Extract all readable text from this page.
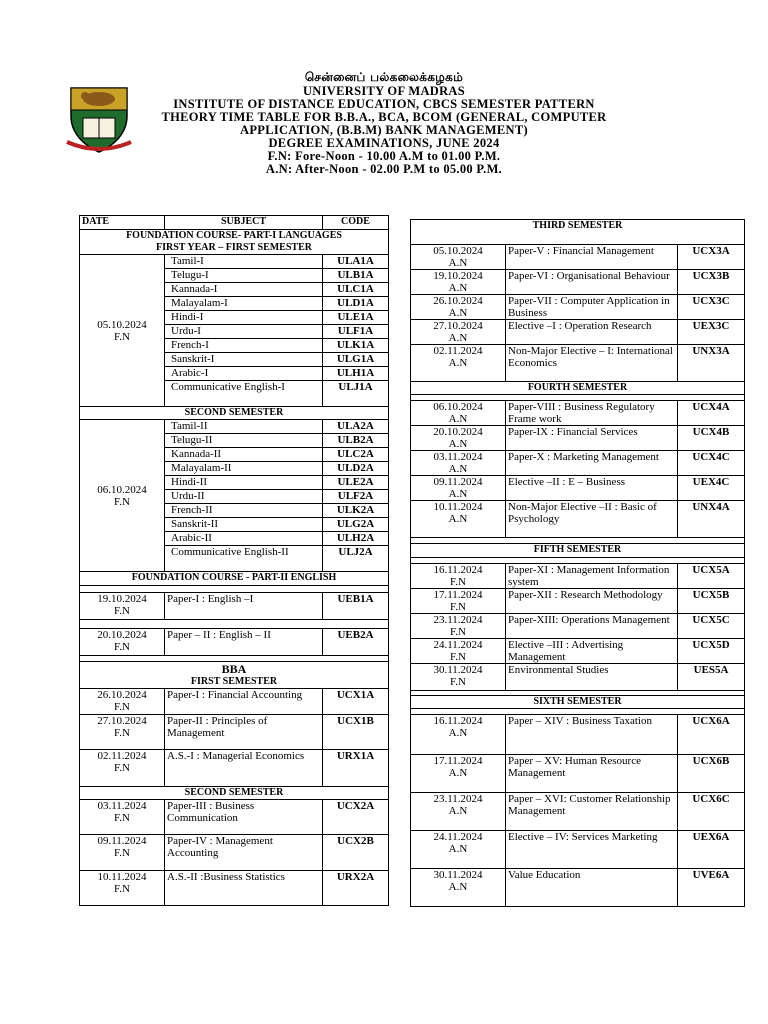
சென்னைப் பல்கலைக்கழகம்
UNIVERSITY OF MADRAS
INSTITUTE OF DISTANCE EDUCATION, CBCS SEMESTER PATTERN
THEORY TIME TABLE FOR B.B.A., BCA, BCOM (GENERAL, COMPUTER
APPLICATION, (B.B.M) BANK MANAGEMENT)
DEGREE EXAMINATIONS, JUNE 2024
F.N: Fore-Noon - 10.00 A.M to 01.00 P.M.
A.N: After-Noon - 02.00 P.M to 05.00 P.M.
DATE	SUBJECT	CODE

FOUNDATION COURSE- PART-I LANGUAGES
FIRST YEAR – FIRST SEMESTER		

05.10.2024
F.N	Tamil-I	ULA1A
	Telugu-I	ULB1A
	Kannada-I	ULC1A
	Malayalam-I	ULD1A
	Hindi-I	ULE1A
	Urdu-I	ULF1A
	French-I	ULK1A
	Sanskrit-I	ULG1A
	Arabic-I	ULH1A
	Communicative English-I	ULJ1A
SECOND SEMESTER		

06.10.2024
F.N	Tamil-II	ULA2A
	Telugu-II	ULB2A
	Kannada-II	ULC2A
	Malayalam-II	ULD2A
	Hindi-II	ULE2A
	Urdu-II	ULF2A
	French-II	ULK2A
	Sanskrit-II	ULG2A
	Arabic-II	ULH2A
	Communicative English-II	ULJ2A
FOUNDATION COURSE - PART-II ENGLISH		

19.10.2024
F.N	Paper-I : English –I	UEB1A

20.10.2024
F.N	Paper – II : English – II	UEB2A

BBA
FIRST SEMESTER		

26.10.2024
F.N	Paper-I : Financial Accounting	UCX1A

27.10.2024
F.N	Paper-II : Principles of Management	UCX1B

02.11.2024
F.N	A.S.-I : Managerial Economics	URX1A
SECOND SEMESTER		

03.11.2024
F.N	Paper-III : Business Communication	UCX2A

09.11.2024
F.N	Paper-IV : Management Accounting	UCX2B

10.11.2024
F.N	A.S.-II :Business Statistics	URX2A
THIRD SEMESTER		

05.10.2024
A.N	Paper-V : Financial Management	UCX3A

19.10.2024
A.N	Paper-VI : Organisational Behaviour	UCX3B

26.10.2024
A.N	Paper-VII : Computer Application in Business	UCX3C

27.10.2024
A.N	Elective –I : Operation Research	UEX3C

02.11.2024
A.N	Non-Major Elective – I: International Economics	UNX3A
FOURTH SEMESTER		

06.10.2024
A.N	Paper-VIII : Business Regulatory Frame work	UCX4A

20.10.2024
A.N	Paper-IX : Financial Services	UCX4B

03.11.2024
A.N	Paper-X : Marketing Management	UCX4C

09.11.2024
A.N	Elective –II : E – Business	UEX4C

10.11.2024
A.N	Non-Major Elective –II : Basic of Psychology	UNX4A

FIFTH SEMESTER		

16.11.2024
F.N	Paper-XI : Management Information system	UCX5A

17.11.2024
F.N	Paper-XII : Research Methodology	UCX5B

23.11.2024
F.N	Paper-XIII: Operations Management	UCX5C

24.11.2024
F.N	Elective –III : Advertising Management	UCX5D

30.11.2024
F.N	Environmental Studies	UES5A

SIXTH SEMESTER		

16.11.2024
A.N	Paper – XIV : Business Taxation	UCX6A

17.11.2024
A.N	Paper – XV: Human Resource Management	UCX6B

23.11.2024
A.N	Paper – XVI: Customer Relationship Management	UCX6C

24.11.2024
A.N	Elective – IV: Services Marketing	UEX6A

30.11.2024
A.N	Value Education	UVE6A
